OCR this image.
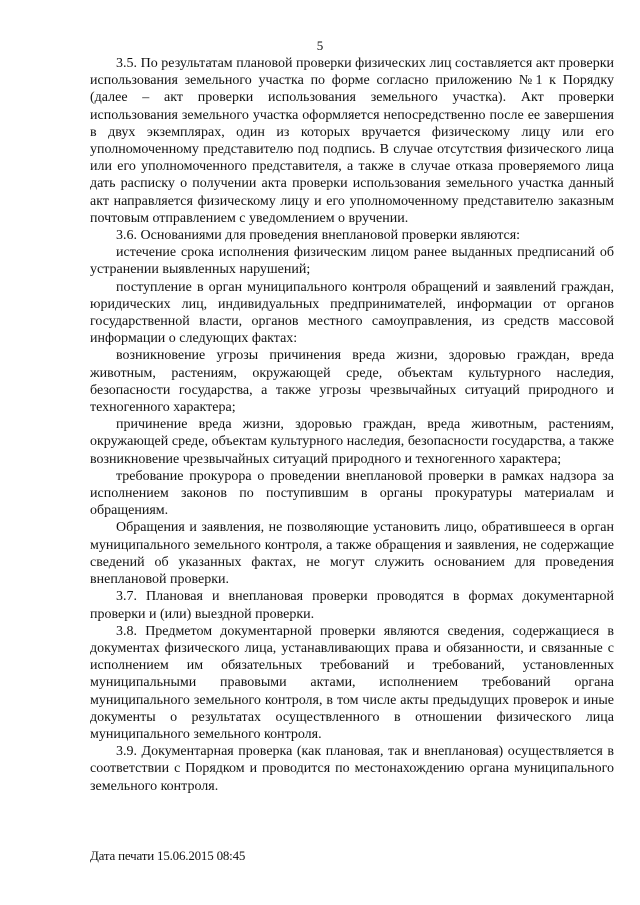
5

3.5. По результатам плановой проверки физических лиц составляется акт проверки использования земельного участка по форме согласно приложению №1 к Порядку (далее – акт проверки использования земельного участка). Акт проверки использования земельного участка оформляется непосредственно после ее завершения в двух экземплярах, один из которых вручается физическому лицу или его уполномоченному представителю под подпись. В случае отсутствия физического лица или его уполномоченного представителя, а также в случае отказа проверяемого лица дать расписку о получении акта проверки использования земельного участка данный акт направляется физическому лицу и его уполномоченному представителю заказным почтовым отправлением с уведомлением о вручении.

3.6. Основаниями для проведения внеплановой проверки являются:

истечение срока исполнения физическим лицом ранее выданных предписаний об устранении выявленных нарушений;

поступление в орган муниципального контроля обращений и заявлений граждан, юридических лиц, индивидуальных предпринимателей, информации от органов государственной власти, органов местного самоуправления, из средств массовой информации о следующих фактах:

возникновение угрозы причинения вреда жизни, здоровью граждан, вреда животным, растениям, окружающей среде, объектам культурного наследия, безопасности государства, а также угрозы чрезвычайных ситуаций природного и техногенного характера;

причинение вреда жизни, здоровью граждан, вреда животным, растениям, окружающей среде, объектам культурного наследия, безопасности государства, а также возникновение чрезвычайных ситуаций природного и техногенного характера;

требование прокурора о проведении внеплановой проверки в рамках надзора за исполнением законов по поступившим в органы прокуратуры материалам и обращениям.

Обращения и заявления, не позволяющие установить лицо, обратившееся в орган муниципального земельного контроля, а также обращения и заявления, не содержащие сведений об указанных фактах, не могут служить основанием для проведения внеплановой проверки.

3.7. Плановая и внеплановая проверки проводятся в формах документарной проверки и (или) выездной проверки.

3.8. Предметом документарной проверки являются сведения, содержащиеся в документах физического лица, устанавливающих права и обязанности, и связанные с исполнением им обязательных требований и требований, установленных муниципальными правовыми актами, исполнением требований органа муниципального земельного контроля, в том числе акты предыдущих проверок и иные документы о результатах осуществленного в отношении физического лица муниципального земельного контроля.

3.9. Документарная проверка (как плановая, так и внеплановая) осуществляется в соответствии с Порядком и проводится по местонахождению органа муниципального земельного контроля.

Дата печати 15.06.2015 08:45
